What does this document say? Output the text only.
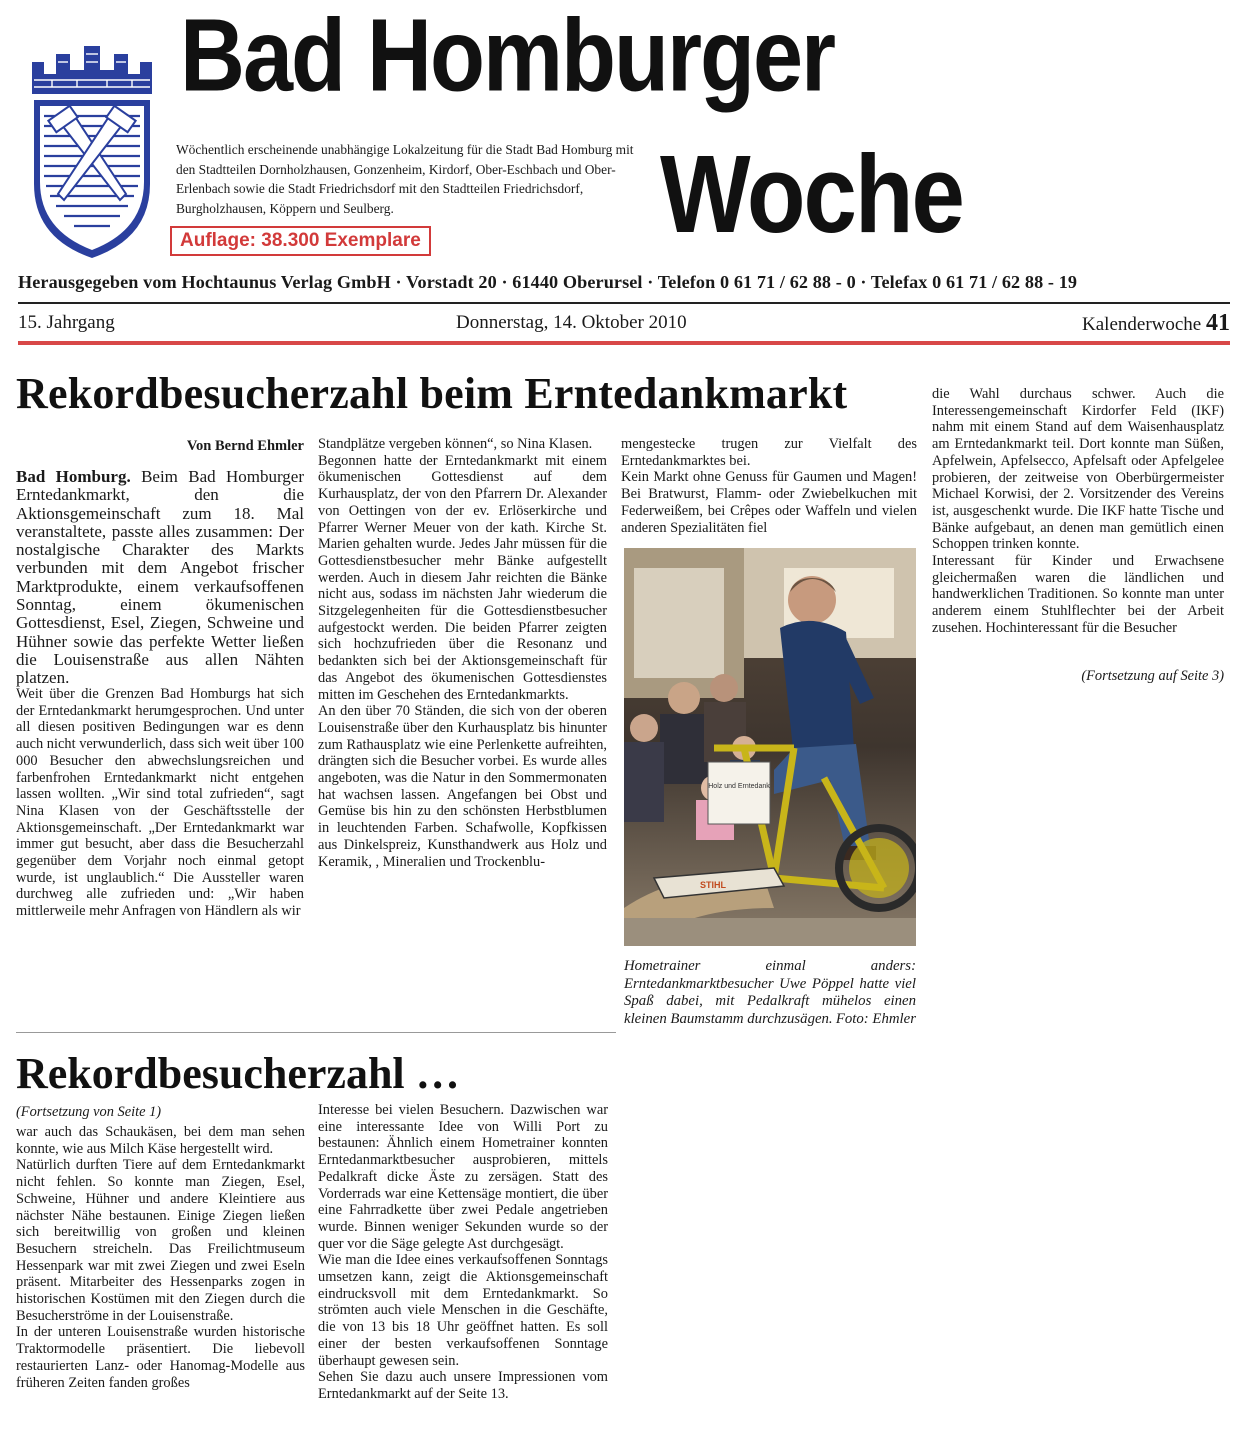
Bad Homburger
Woche
Wöchentlich erscheinende unabhängige Lokalzeitung für die Stadt Bad Homburg mit den Stadtteilen Dornholzhausen, Gonzenheim, Kirdorf, Ober-Eschbach und Ober-Erlenbach sowie die Stadt Friedrichsdorf mit den Stadtteilen Friedrichsdorf, Burgholzhausen, Köppern und Seulberg.
Auflage: 38.300 Exemplare
Herausgegeben vom Hochtaunus Verlag GmbH · Vorstadt 20 · 61440 Oberursel · Telefon 0 61 71 / 62 88 - 0 · Telefax 0 61 71 / 62 88 - 19
15. Jahrgang	Donnerstag, 14. Oktober 2010	Kalenderwoche 41
Rekordbesucherzahl beim Erntedankmarkt
Von Bernd Ehmler
Bad Homburg. Beim Bad Homburger Erntedankmarkt, den die Aktionsgemeinschaft zum 18. Mal veranstaltete, passte alles zusammen: Der nostalgische Charakter des Markts verbunden mit dem Angebot frischer Marktprodukte, einem verkaufsoffenen Sonntag, einem ökumenischen Gottesdienst, Esel, Ziegen, Schweine und Hühner sowie das perfekte Wetter ließen die Louisenstraße aus allen Nähten platzen.

Weit über die Grenzen Bad Homburgs hat sich der Erntedankmarkt herumgesprochen. Und unter all diesen positiven Bedingungen war es denn auch nicht verwunderlich, dass sich weit über 100 000 Besucher den abwechslungsreichen und farbenfrohen Erntedankmarkt nicht entgehen lassen wollten. „Wir sind total zufrieden“, sagt Nina Klasen von der Geschäftsstelle der Aktionsgemeinschaft. „Der Erntedankmarkt war immer gut besucht, aber dass die Besucherzahl gegenüber dem Vorjahr noch einmal getopt wurde, ist unglaublich.“ Die Aussteller waren durchweg alle zufrieden und: „Wir haben mittlerweile mehr Anfragen von Händlern als wir

Standplätze vergeben können“, so Nina Klasen.

Begonnen hatte der Erntedankmarkt mit einem ökumenischen Gottesdienst auf dem Kurhausplatz, der von den Pfarrern Dr. Alexander von Oettingen von der ev. Erlöserkirche und Pfarrer Werner Meuer von der kath. Kirche St. Marien gehalten wurde. Jedes Jahr müssen für die Gottesdienstbesucher mehr Bänke aufgestellt werden. Auch in diesem Jahr reichten die Bänke nicht aus, sodass im nächsten Jahr wiederum die Sitzgelegenheiten für die Gottesdienstbesucher aufgestockt werden. Die beiden Pfarrer zeigten sich hochzufrieden über die Resonanz und bedankten sich bei der Aktionsgemeinschaft für das Angebot des ökumenischen Gottesdienstes mitten im Geschehen des Erntedankmarkts.

An den über 70 Ständen, die sich von der oberen Louisenstraße über den Kurhausplatz bis hinunter zum Rathausplatz wie eine Perlenkette aufreihten, drängten sich die Besucher vorbei. Es wurde alles angeboten, was die Natur in den Sommermonaten hat wachsen lassen. Angefangen bei Obst und Gemüse bis hin zu den schönsten Herbstblumen in leuchtenden Farben. Schafwolle, Kopfkissen aus Dinkelspreiz, Kunsthandwerk aus Holz und Keramik, , Mineralien und Trockenblu-

mengestecke trugen zur Vielfalt des Erntedankmarktes bei.

Kein Markt ohne Genuss für Gaumen und Magen! Bei Bratwurst, Flamm- oder Zwiebelkuchen mit Federweißem, bei Crêpes oder Waffeln und vielen anderen Spezialitäten fiel

Holz und Erntedank
STIHL
Hometrainer einmal anders: Erntedankmarktbesucher Uwe Pöppel hatte viel Spaß dabei, mit Pedalkraft mühelos einen kleinen Baumstamm durchzusägen. Foto: Ehmler

die Wahl durchaus schwer. Auch die Interessengemeinschaft Kirdorfer Feld (IKF) nahm mit einem Stand auf dem Waisenhausplatz am Erntedankmarkt teil. Dort konnte man Süßen, Apfelwein, Apfelsecco, Apfelsaft oder Apfelgelee probieren, der zeitweise von Oberbürgermeister Michael Korwisi, der 2. Vorsitzender des Vereins ist, ausgeschenkt wurde. Die IKF hatte Tische und Bänke aufgebaut, an denen man gemütlich einen Schoppen trinken konnte.

Interessant für Kinder und Erwachsene gleichermaßen waren die ländlichen und handwerklichen Traditionen. So konnte man unter anderem einem Stuhlflechter bei der Arbeit zusehen. Hochinteressant für die Besucher

(Fortsetzung auf Seite 3)
Rekordbesucherzahl …
(Fortsetzung von Seite 1)

war auch das Schaukäsen, bei dem man sehen konnte, wie aus Milch Käse hergestellt wird.

Natürlich durften Tiere auf dem Erntedankmarkt nicht fehlen. So konnte man Ziegen, Esel, Schweine, Hühner und andere Kleintiere aus nächster Nähe bestaunen. Einige Ziegen ließen sich bereitwillig von großen und kleinen Besuchern streicheln. Das Freilichtmuseum Hessenpark war mit zwei Ziegen und zwei Eseln präsent. Mitarbeiter des Hessenparks zogen in historischen Kostümen mit den Ziegen durch die Besucherströme in der Louisenstraße.

In der unteren Louisenstraße wurden historische Traktormodelle präsentiert. Die liebevoll restaurierten Lanz- oder Hanomag-Modelle aus früheren Zeiten fanden großes

Interesse bei vielen Besuchern. Dazwischen war eine interessante Idee von Willi Port zu bestaunen: Ähnlich einem Hometrainer konnten Erntedanmarktbesucher ausprobieren, mittels Pedalkraft dicke Äste zu zersägen. Statt des Vorderrads war eine Kettensäge montiert, die über eine Fahrradkette über zwei Pedale angetrieben wurde. Binnen weniger Sekunden wurde so der quer vor die Säge gelegte Ast durchgesägt.

Wie man die Idee eines verkaufsoffenen Sonntags umsetzen kann, zeigt die Aktionsgemeinschaft eindrucksvoll mit dem Erntedankmarkt. So strömten auch viele Menschen in die Geschäfte, die von 13 bis 18 Uhr geöffnet hatten. Es soll einer der besten verkaufsoffenen Sonntage überhaupt gewesen sein.

Sehen Sie dazu auch unsere Impressionen vom Erntedankmarkt auf der Seite 13.
